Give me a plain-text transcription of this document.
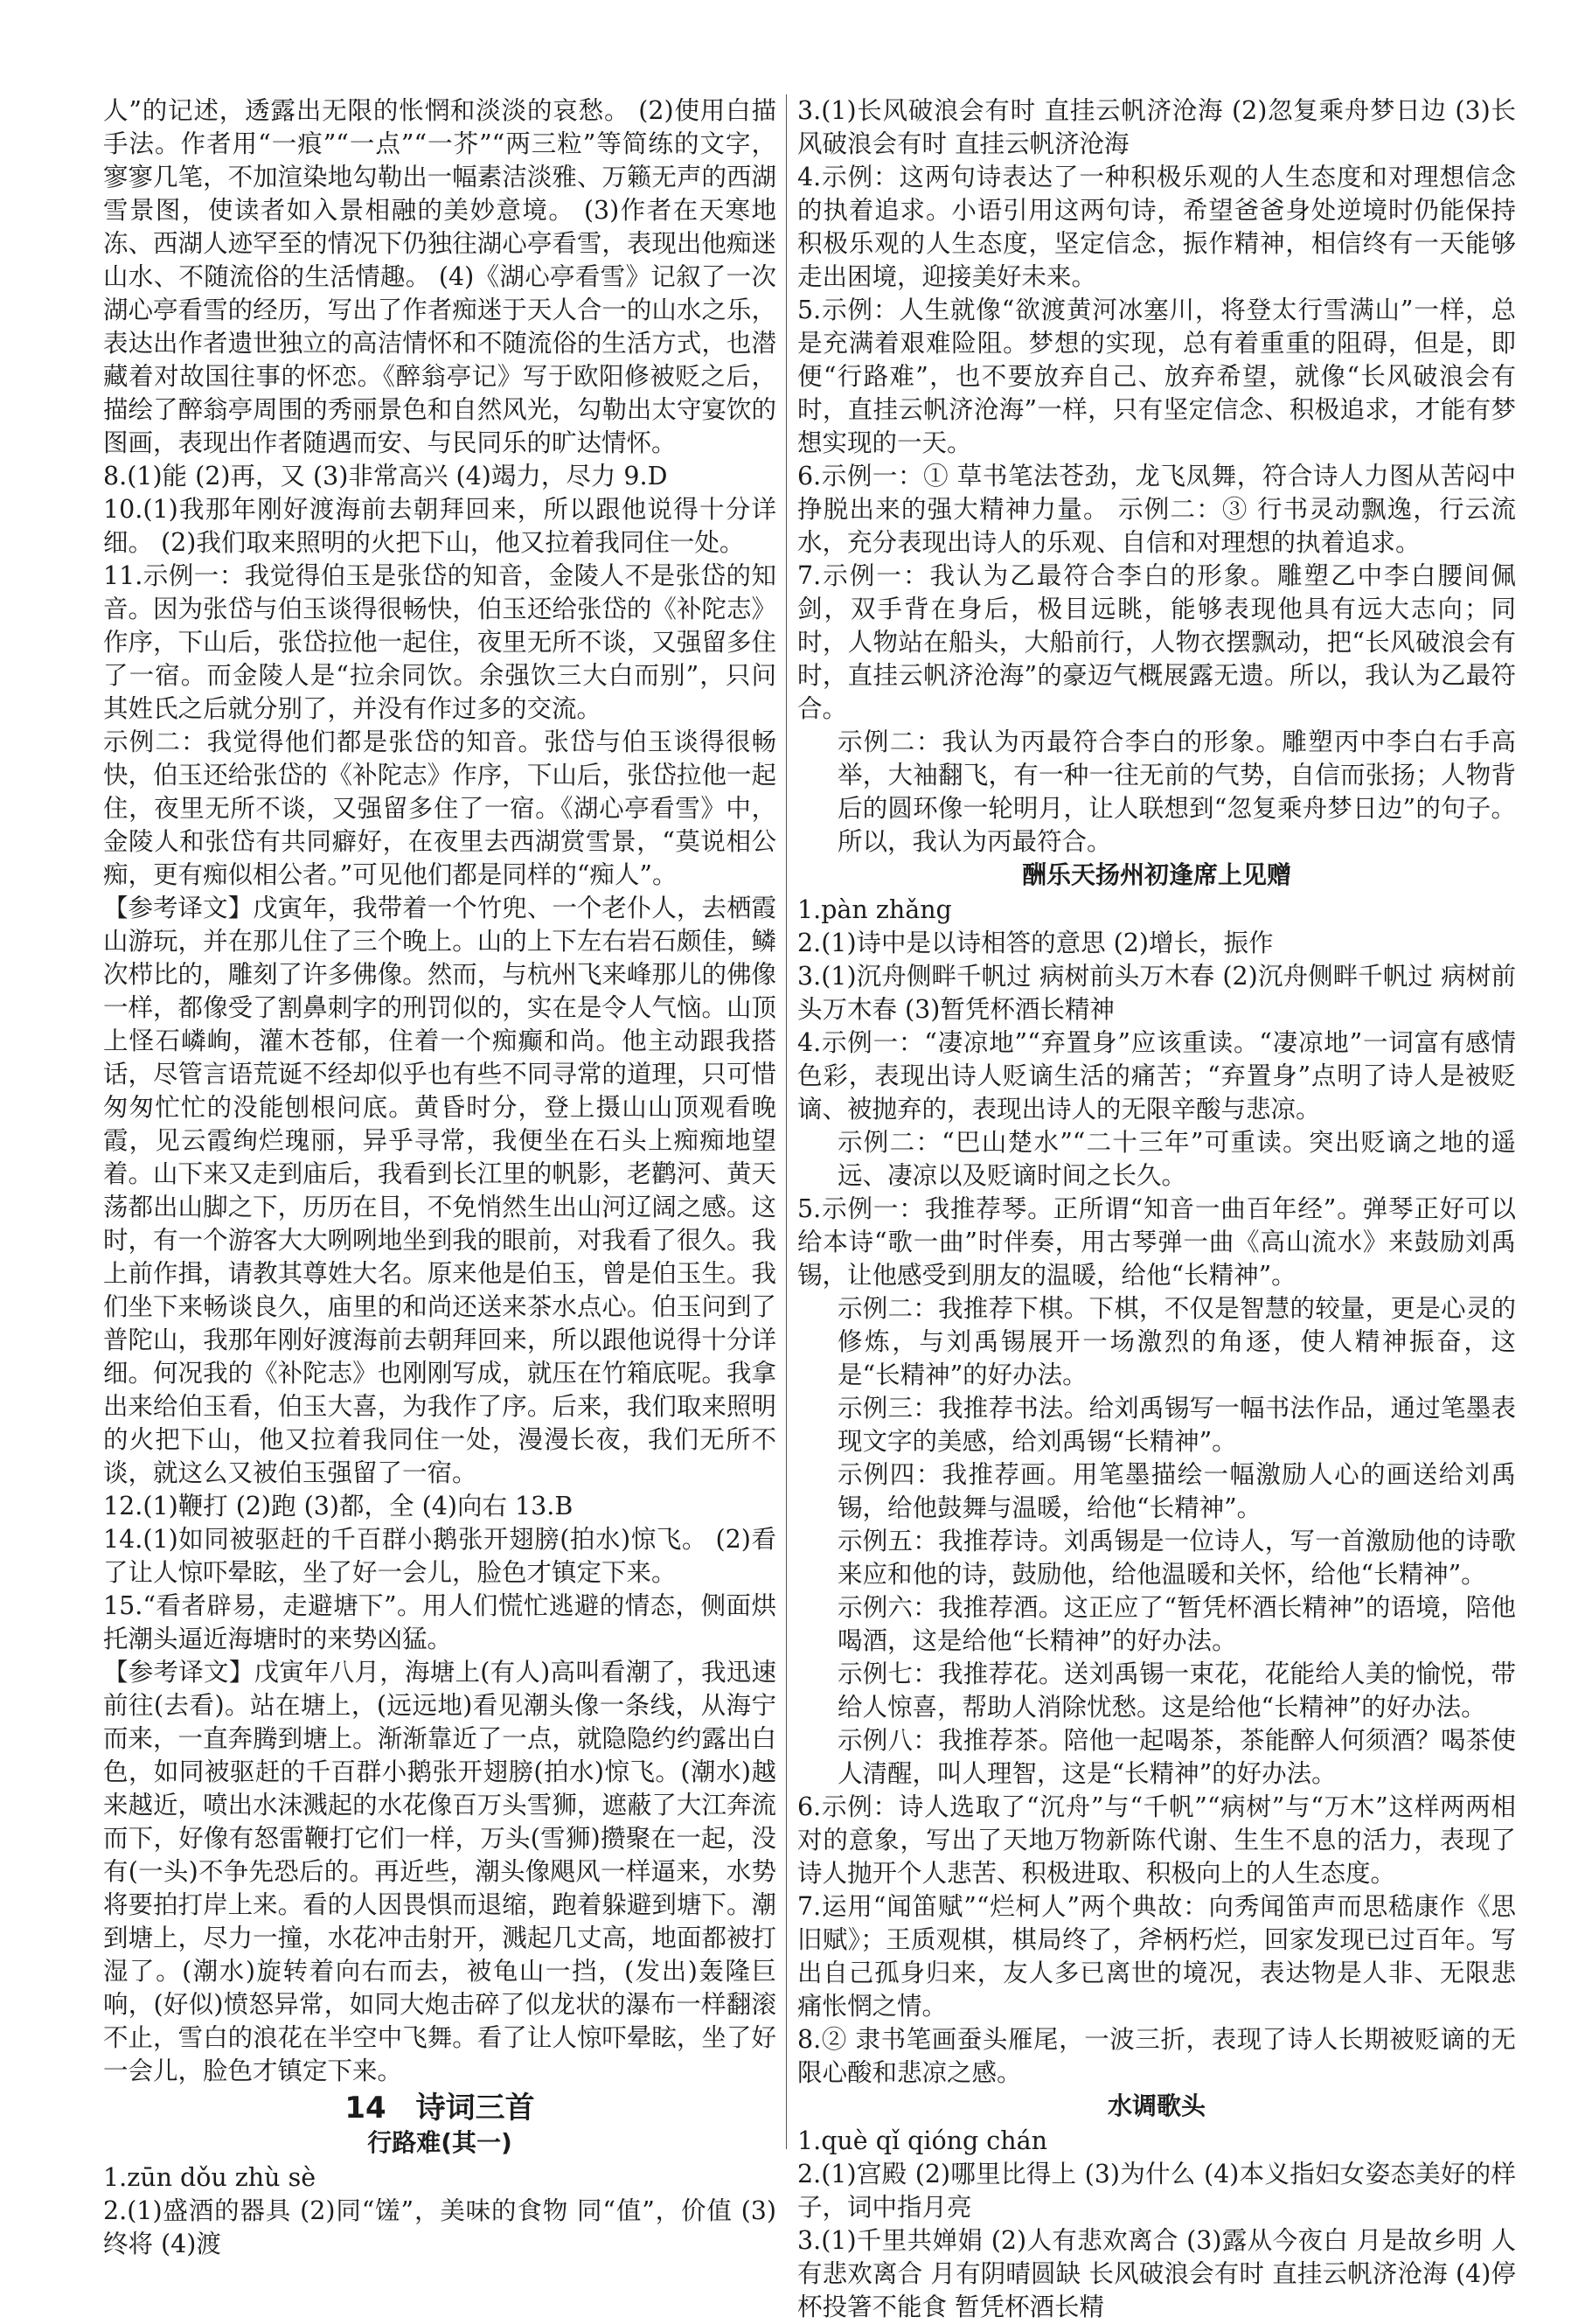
人”的记述，透露出无限的怅惘和淡淡的哀愁。 (2)使用白描手法。作者用“一痕”“一点”“一芥”“两三粒”等简练的文字，寥寥几笔，不加渲染地勾勒出一幅素洁淡雅、万籁无声的西湖雪景图，使读者如入景相融的美妙意境。 (3)作者在天寒地冻、西湖人迹罕至的情况下仍独往湖心亭看雪，表现出他痴迷山水、不随流俗的生活情趣。 (4)《湖心亭看雪》记叙了一次湖心亭看雪的经历，写出了作者痴迷于天人合一的山水之乐，表达出作者遗世独立的高洁情怀和不随流俗的生活方式，也潜藏着对故国往事的怀恋。《醉翁亭记》写于欧阳修被贬之后，描绘了醉翁亭周围的秀丽景色和自然风光，勾勒出太守宴饮的图画，表现出作者随遇而安、与民同乐的旷达情怀。
8.(1)能 (2)再，又 (3)非常高兴 (4)竭力，尽力 9.D
10.(1)我那年刚好渡海前去朝拜回来，所以跟他说得十分详细。 (2)我们取来照明的火把下山，他又拉着我同住一处。
11.示例一：我觉得伯玉是张岱的知音，金陵人不是张岱的知音。因为张岱与伯玉谈得很畅快，伯玉还给张岱的《补陀志》作序，下山后，张岱拉他一起住，夜里无所不谈，又强留多住了一宿。而金陵人是“拉余同饮。余强饮三大白而别”，只问其姓氏之后就分别了，并没有作过多的交流。
示例二：我觉得他们都是张岱的知音。张岱与伯玉谈得很畅快，伯玉还给张岱的《补陀志》作序，下山后，张岱拉他一起住，夜里无所不谈，又强留多住了一宿。《湖心亭看雪》中，金陵人和张岱有共同癖好，在夜里去西湖赏雪景，“莫说相公痴，更有痴似相公者。”可见他们都是同样的“痴人”。
【参考译文】戊寅年，我带着一个竹兜、一个老仆人，去栖霞山游玩，并在那儿住了三个晚上。山的上下左右岩石颇佳，鳞次栉比的，雕刻了许多佛像。然而，与杭州飞来峰那儿的佛像一样，都像受了割鼻刺字的刑罚似的，实在是令人气恼。山顶上怪石嶙峋，灌木苍郁，住着一个痴癫和尚。他主动跟我搭话，尽管言语荒诞不经却似乎也有些不同寻常的道理，只可惜匆匆忙忙的没能刨根问底。黄昏时分，登上摄山山顶观看晚霞，见云霞绚烂瑰丽，异乎寻常，我便坐在石头上痴痴地望着。山下来又走到庙后，我看到长江里的帆影，老鹳河、黄天荡都出山脚之下，历历在目，不免悄然生出山河辽阔之感。这时，有一个游客大大咧咧地坐到我的眼前，对我看了很久。我上前作揖，请教其尊姓大名。原来他是伯玉，曾是伯玉生。我们坐下来畅谈良久，庙里的和尚还送来茶水点心。伯玉问到了普陀山，我那年刚好渡海前去朝拜回来，所以跟他说得十分详细。何况我的《补陀志》也刚刚写成，就压在竹箱底呢。我拿出来给伯玉看，伯玉大喜，为我作了序。后来，我们取来照明的火把下山，他又拉着我同住一处，漫漫长夜，我们无所不谈，就这么又被伯玉强留了一宿。
12.(1)鞭打 (2)跑 (3)都，全 (4)向右 13.B
14.(1)如同被驱赶的千百群小鹅张开翅膀(拍水)惊飞。 (2)看了让人惊吓晕眩，坐了好一会儿，脸色才镇定下来。
15.“看者辟易，走避塘下”。用人们慌忙逃避的情态，侧面烘托潮头逼近海塘时的来势凶猛。
【参考译文】戊寅年八月，海塘上(有人)高叫看潮了，我迅速前往(去看)。站在塘上，(远远地)看见潮头像一条线，从海宁而来，一直奔腾到塘上。渐渐靠近了一点，就隐隐约约露出白色，如同被驱赶的千百群小鹅张开翅膀(拍水)惊飞。(潮水)越来越近，喷出水沫溅起的水花像百万头雪狮，遮蔽了大江奔流而下，好像有怒雷鞭打它们一样，万头(雪狮)攒聚在一起，没有(一头)不争先恐后的。再近些，潮头像飓风一样逼来，水势将要拍打岸上来。看的人因畏惧而退缩，跑着躲避到塘下。潮到塘上，尽力一撞，水花冲击射开，溅起几丈高，地面都被打湿了。(潮水)旋转着向右而去，被龟山一挡，(发出)轰隆巨响，(好似)愤怒异常，如同大炮击碎了似龙状的瀑布一样翻滚不止，雪白的浪花在半空中飞舞。看了让人惊吓晕眩，坐了好一会儿，脸色才镇定下来。
14　诗词三首
行路难(其一)
1.zūn dǒu zhù sè
2.(1)盛酒的器具 (2)同“馐”，美味的食物 同“值”，价值 (3)终将 (4)渡
3.(1)长风破浪会有时 直挂云帆济沧海 (2)忽复乘舟梦日边 (3)长风破浪会有时 直挂云帆济沧海
4.示例：这两句诗表达了一种积极乐观的人生态度和对理想信念的执着追求。小语引用这两句诗，希望爸爸身处逆境时仍能保持积极乐观的人生态度，坚定信念，振作精神，相信终有一天能够走出困境，迎接美好未来。
5.示例：人生就像“欲渡黄河冰塞川，将登太行雪满山”一样，总是充满着艰难险阻。梦想的实现，总有着重重的阻碍，但是，即便“行路难”，也不要放弃自己、放弃希望，就像“长风破浪会有时，直挂云帆济沧海”一样，只有坚定信念、积极追求，才能有梦想实现的一天。
6.示例一：① 草书笔法苍劲，龙飞凤舞，符合诗人力图从苦闷中挣脱出来的强大精神力量。 示例二：③ 行书灵动飘逸，行云流水，充分表现出诗人的乐观、自信和对理想的执着追求。
7.示例一：我认为乙最符合李白的形象。雕塑乙中李白腰间佩剑，双手背在身后，极目远眺，能够表现他具有远大志向；同时，人物站在船头，大船前行，人物衣摆飘动，把“长风破浪会有时，直挂云帆济沧海”的豪迈气概展露无遗。所以，我认为乙最符合。
示例二：我认为丙最符合李白的形象。雕塑丙中李白右手高举，大袖翻飞，有一种一往无前的气势，自信而张扬；人物背后的圆环像一轮明月，让人联想到“忽复乘舟梦日边”的句子。所以，我认为丙最符合。
酬乐天扬州初逢席上见赠
1.pàn zhǎng
2.(1)诗中是以诗相答的意思 (2)增长，振作
3.(1)沉舟侧畔千帆过 病树前头万木春 (2)沉舟侧畔千帆过 病树前头万木春 (3)暂凭杯酒长精神
4.示例一：“凄凉地”“弃置身”应该重读。“凄凉地”一词富有感情色彩，表现出诗人贬谪生活的痛苦；“弃置身”点明了诗人是被贬谪、被抛弃的，表现出诗人的无限辛酸与悲凉。
示例二：“巴山楚水”“二十三年”可重读。突出贬谪之地的遥远、凄凉以及贬谪时间之长久。
5.示例一：我推荐琴。正所谓“知音一曲百年经”。弹琴正好可以给本诗“歌一曲”时伴奏，用古琴弹一曲《高山流水》来鼓励刘禹锡，让他感受到朋友的温暖，给他“长精神”。
示例二：我推荐下棋。下棋，不仅是智慧的较量，更是心灵的修炼，与刘禹锡展开一场激烈的角逐，使人精神振奋，这是“长精神”的好办法。
示例三：我推荐书法。给刘禹锡写一幅书法作品，通过笔墨表现文字的美感，给刘禹锡“长精神”。
示例四：我推荐画。用笔墨描绘一幅激励人心的画送给刘禹锡，给他鼓舞与温暖，给他“长精神”。
示例五：我推荐诗。刘禹锡是一位诗人，写一首激励他的诗歌来应和他的诗，鼓励他，给他温暖和关怀，给他“长精神”。
示例六：我推荐酒。这正应了“暂凭杯酒长精神”的语境，陪他喝酒，这是给他“长精神”的好办法。
示例七：我推荐花。送刘禹锡一束花，花能给人美的愉悦，带给人惊喜，帮助人消除忧愁。这是给他“长精神”的好办法。
示例八：我推荐茶。陪他一起喝茶，茶能醉人何须酒？喝茶使人清醒，叫人理智，这是“长精神”的好办法。
6.示例：诗人选取了“沉舟”与“千帆”“病树”与“万木”这样两两相对的意象，写出了天地万物新陈代谢、生生不息的活力，表现了诗人抛开个人悲苦、积极进取、积极向上的人生态度。
7.运用“闻笛赋”“烂柯人”两个典故：向秀闻笛声而思嵇康作《思旧赋》；王质观棋，棋局终了，斧柄朽烂，回家发现已过百年。写出自己孤身归来，友人多已离世的境况，表达物是人非、无限悲痛怅惘之情。
8.② 隶书笔画蚕头雁尾，一波三折，表现了诗人长期被贬谪的无限心酸和悲凉之感。
水调歌头
1.què qǐ qióng chán
2.(1)宫殿 (2)哪里比得上 (3)为什么 (4)本义指妇女姿态美好的样子，词中指月亮
3.(1)千里共婵娟 (2)人有悲欢离合 (3)露从今夜白 月是故乡明 人有悲欢离合 月有阴晴圆缺 长风破浪会有时 直挂云帆济沧海 (4)停杯投箸不能食 暂凭杯酒长精
